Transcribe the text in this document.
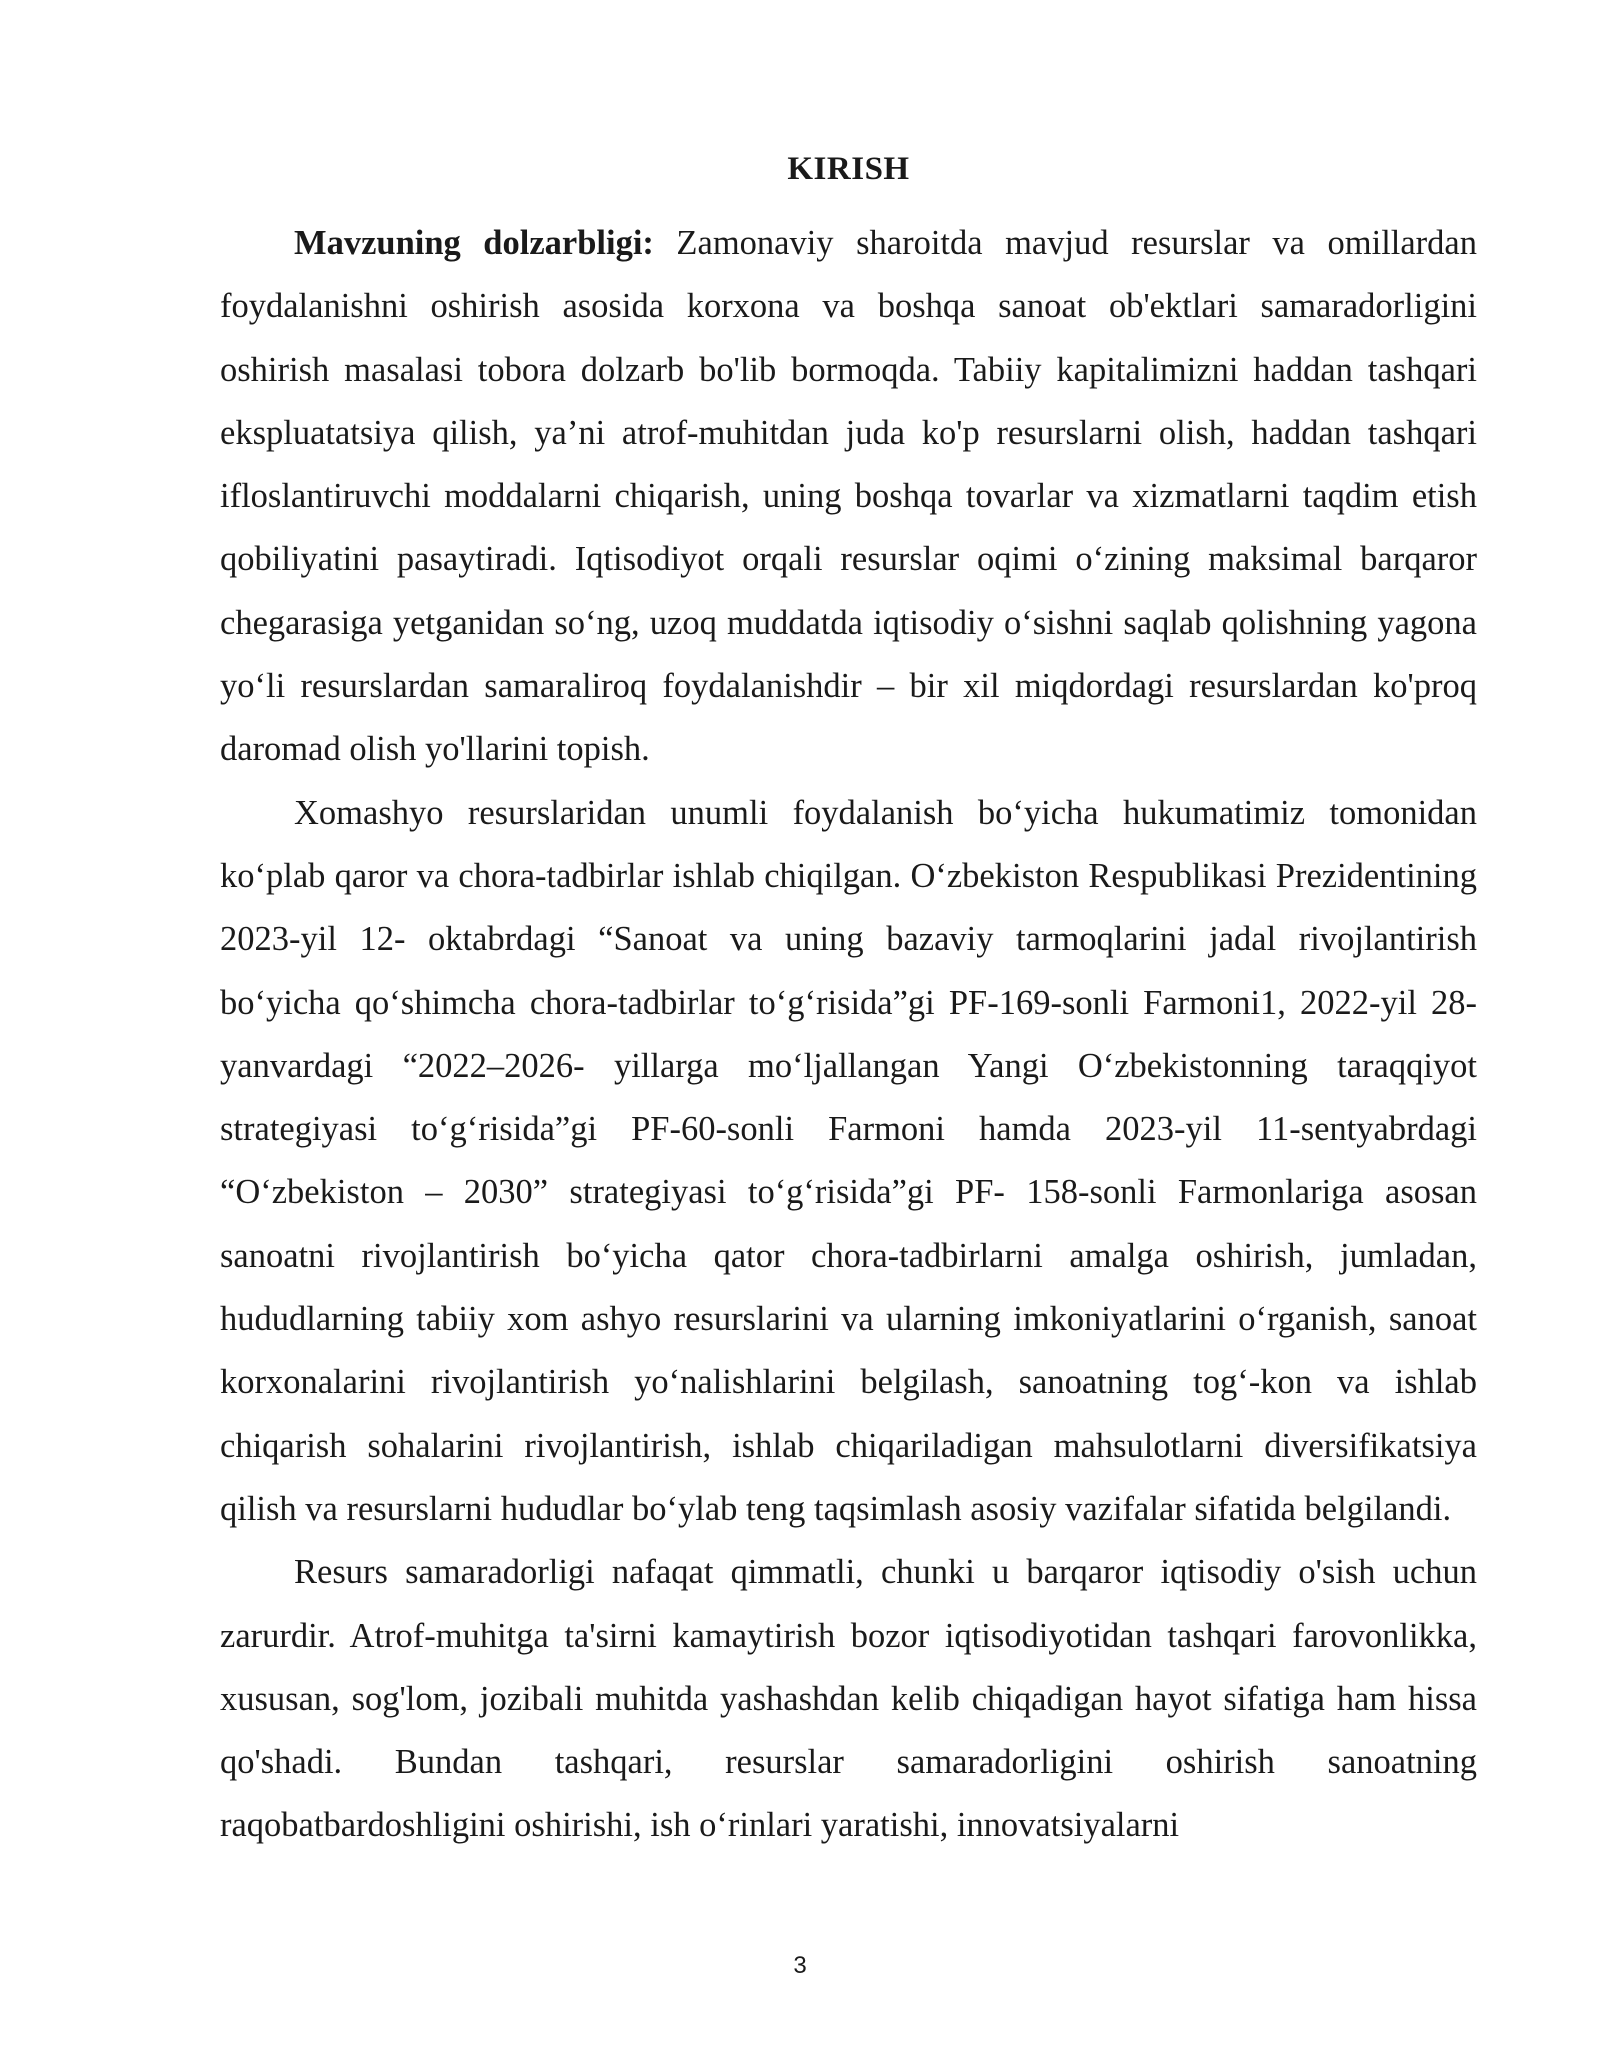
KIRISH

Mavzuning dolzarbligi: Zamonaviy sharoitda mavjud resurslar va omillardan foydalanishni oshirish asosida korxona va boshqa sanoat ob'ektlari samaradorligini oshirish masalasi tobora dolzarb bo'lib bormoqda. Tabiiy kapitalimizni haddan tashqari ekspluatatsiya qilish, ya’ni atrof-muhitdan juda ko'p resurslarni olish, haddan tashqari ifloslantiruvchi moddalarni chiqarish, uning boshqa tovarlar va xizmatlarni taqdim etish qobiliyatini pasaytiradi. Iqtisodiyot orqali resurslar oqimi o‘zining maksimal barqaror chegarasiga yetganidan so‘ng, uzoq muddatda iqtisodiy o‘sishni saqlab qolishning yagona yo‘li resurslardan samaraliroq foydalanishdir – bir xil miqdordagi resurslardan ko'proq daromad olish yo'llarini topish.

Xomashyo resurslaridan unumli foydalanish bo‘yicha hukumatimiz tomonidan ko‘plab qaror va chora-tadbirlar ishlab chiqilgan. O‘zbekiston Respublikasi Prezidentining 2023-yil 12- oktabrdagi “Sanoat va uning bazaviy tarmoqlarini jadal rivojlantirish bo‘yicha qo‘shimcha chora-tadbirlar to‘g‘risida”gi PF-169-sonli Farmoni1, 2022-yil 28-yanvardagi “2022–2026- yillarga mo‘ljallangan Yangi O‘zbekistonning taraqqiyot strategiyasi to‘g‘risida”gi PF-60-sonli Farmoni hamda 2023-yil 11-sentyabrdagi “O‘zbekiston – 2030” strategiyasi to‘g‘risida”gi PF- 158-sonli Farmonlariga asosan sanoatni rivojlantirish bo‘yicha qator chora-tadbirlarni amalga oshirish, jumladan, hududlarning tabiiy xom ashyo resurslarini va ularning imkoniyatlarini o‘rganish, sanoat korxonalarini rivojlantirish yo‘nalishlarini belgilash, sanoatning tog‘-kon va ishlab chiqarish sohalarini rivojlantirish, ishlab chiqariladigan mahsulotlarni diversifikatsiya qilish va resurslarni hududlar bo‘ylab teng taqsimlash asosiy vazifalar sifatida belgilandi.

Resurs samaradorligi nafaqat qimmatli, chunki u barqaror iqtisodiy o'sish uchun zarurdir. Atrof-muhitga ta'sirni kamaytirish bozor iqtisodiyotidan tashqari farovonlikka, xususan, sog'lom, jozibali muhitda yashashdan kelib chiqadigan hayot sifatiga ham hissa qo'shadi. Bundan tashqari, resurslar samaradorligini oshirish sanoatning raqobatbardoshligini oshirishi, ish o‘rinlari yaratishi, innovatsiyalarni

3
